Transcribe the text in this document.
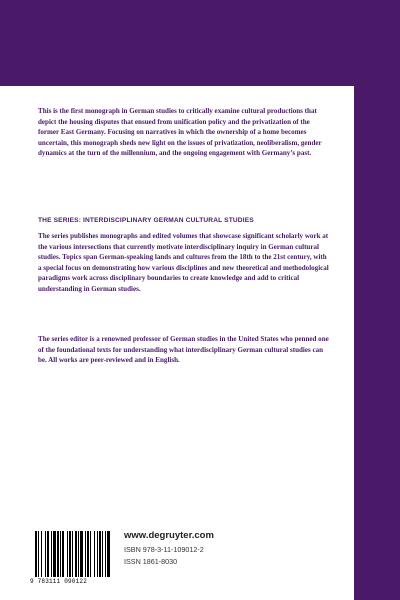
This is the first monograph in German studies to critically examine cultural productions that depict the housing disputes that ensued from unification policy and the privatization of the former East Germany. Focusing on narratives in which the ownership of a home becomes uncertain, this monograph sheds new light on the issues of privatization, neoliberalism, gender dynamics at the turn of the millennium, and the ongoing engagement with Germany’s past.

THE SERIES: INTERDISCIPLINARY GERMAN CULTURAL STUDIES

The series publishes monographs and edited volumes that showcase significant scholarly work at the various intersections that currently motivate interdisciplinary inquiry in German cultural studies. Topics span German-speaking lands and cultures from the 18th to the 21st century, with a special focus on demonstrating how various disciplines and new theoretical and methodological paradigms work across disciplinary boundaries to create knowledge and add to critical understanding in German studies.

The series editor is a renowned professor of German studies in the United States who penned one of the foundational texts for understanding what interdisciplinary German cultural studies can be. All works are peer-reviewed and in English.

9 783111 090122
www.degruyter.com
ISBN 978-3-11-109012-2
ISSN 1861-8030
